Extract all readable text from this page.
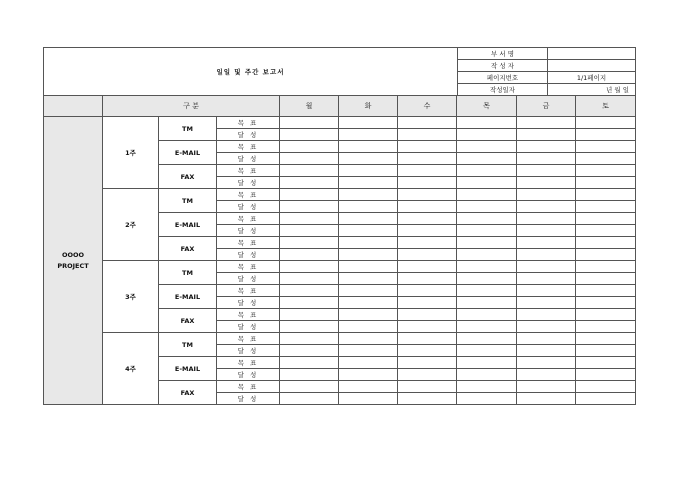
일일 및 주간 보고서	부 서 명	
	작 성 자	
	페이지번호	1/1페이지
	작성일자	년 월 일
	구 분			월	화	수	목	금	토

OOOO
PROJECT	1주	TM	목 표						
			달 성						
		E-MAIL	목 표						
			달 성						
		FAX	목 표						
			달 성						
	2주	TM	목 표						
			달 성						
		E-MAIL	목 표						
			달 성						
		FAX	목 표						
			달 성						
	3주	TM	목 표						
			달 성						
		E-MAIL	목 표						
			달 성						
		FAX	목 표						
			달 성						
	4주	TM	목 표						
			달 성						
		E-MAIL	목 표						
			달 성						
		FAX	목 표						
			달 성						
